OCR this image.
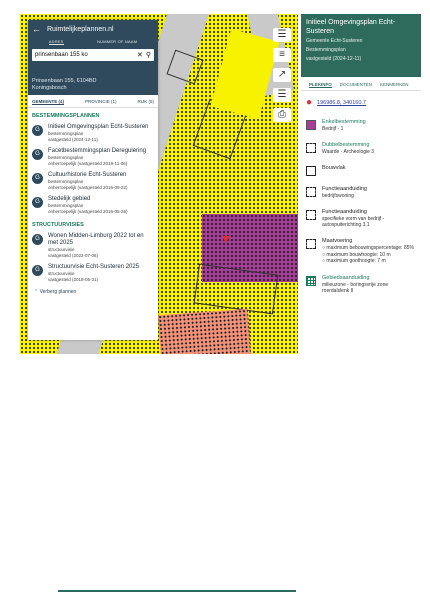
▼
☰
≡
↗
☰
⎙
← Ruimtelijkeplannen.nl
ADRES	NUMMER OF NAAM
prinsenbaan 155 ko	✕ ⚲
Prinsenbaan 155, 6104BD
Koningsbosch
GEMEENTE (4)	PROVINCIE (1)	RIJK (5)
BESTEMMINGSPLANNEN
G	Initieel Omgevingsplan Echt-Susteren
bestemmingsplan
vastgesteld (2024-12-11)
G	Facetbestemmingsplan Deregulering
bestemmingsplan
onherroepelijk (vastgesteld 2019-11-06)
G	Cultuurhistorie Echt-Susteren
bestemmingsplan
onherroepelijk (vastgesteld 2016-09-22)
G	Stedelijk gebied
bestemmingsplan
onherroepelijk (vastgesteld 2016-05-26)
STRUCTUURVISIES
G	Wonen Midden-Limburg 2022 tot en met 2025
structuurvisie
vastgesteld (2022-07-06)
G	Structuurvisie Echt-Susteren 2025
structuurvisie
vastgesteld (2018-05-31)
⌃ Verberg plannen
Initieel Omgevingsplan Echt-Susteren
Gemeente Echt-Susteren
Bestemmingsplan
vastgesteld (2024-12-11)
PLEKINFO DOCUMENTEN KENMERKEN
● 196986.8, 340160.7
Enkelbestemming
Bedrijf - 1
Dubbelbestemming
Waarde - Archeologie 3
Bouwvlak
Functieaanduiding
bedrijfswoning
Functieaanduiding
specifieke vorm van bedrijf - autospuiterichting 3.1
Maatvoering
○ maximum bebouwingspercentage: 85%
○ maximum bouwhoogte: 10 m
○ maximum goothoogte: 7 m
Gebiedsaanduiding
milieuzone - boringsvrije zone roerdalslenk II
